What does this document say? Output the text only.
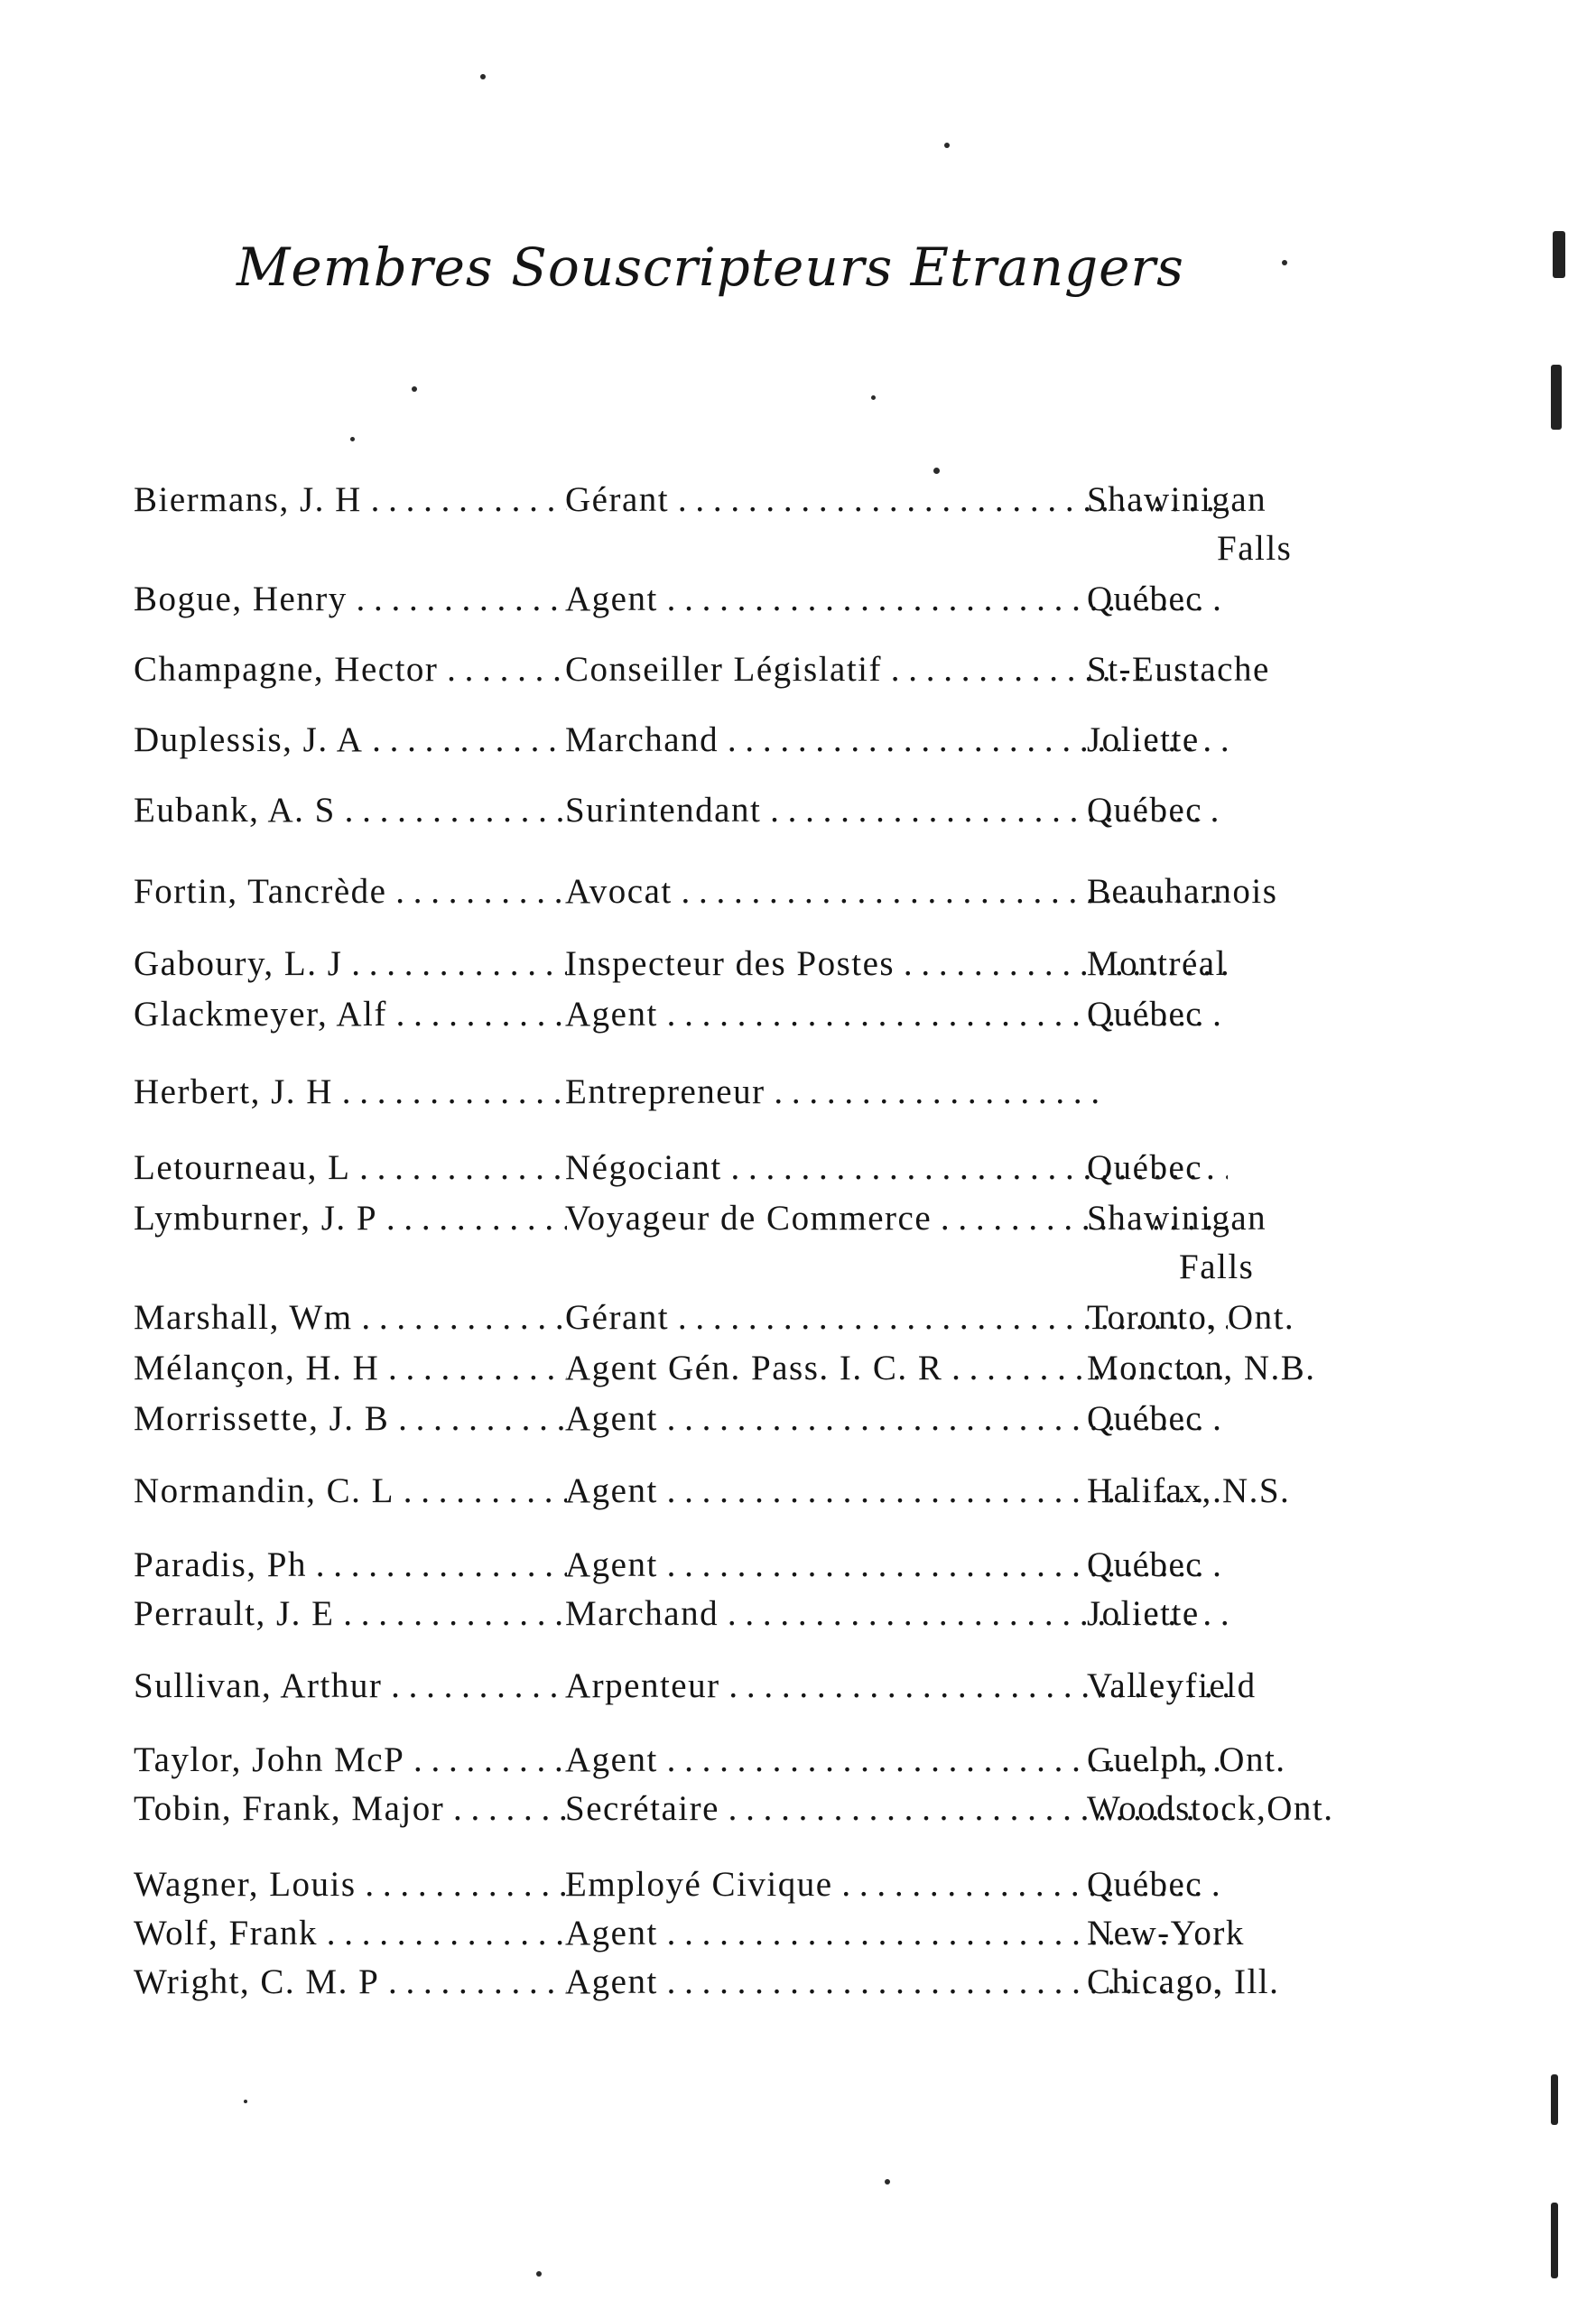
Membres Souscripteurs Etrangers
Biermans, J. H . . .	Gérant . . .	Shawinigan
Falls
Bogue, Henry . . .	Agent . . .	Québec
Champagne, Hector . . .	Conseiller Législatif . . .	St-Eustache
Duplessis, J. A . . .	Marchand . . .	Joliette
Eubank, A. S . . .	Surintendant . . .	Québec
Fortin, Tancrède . . .	Avocat . . .	Beauharnois
Gaboury, L. J . . .	Inspecteur des Postes . . .	Montréal
Glackmeyer, Alf . . .	Agent . . .	Québec
Herbert, J. H . . .	Entrepreneur . . .
Letourneau, L . . .	Négociant . . .	Québec
Lymburner, J. P . . .	Voyageur de Commerce . . .	Shawinigan
Falls
Marshall, Wm . . .	Gérant . . .	Toronto, Ont.
Mélançon, H. H . . .	Agent Gén. Pass. I. C. R . . .	Moncton, N.B.
Morrissette, J. B . . .	Agent . . .	Québec
Normandin, C. L . . .	Agent . . .	Halifax, N.S.
Paradis, Ph . . .	Agent . . .	Québec
Perrault, J. E . . .	Marchand . . .	Joliette
Sullivan, Arthur . . .	Arpenteur . . .	Valleyfield
Taylor, John McP . . .	Agent . . .	Guelph, Ont.
Tobin, Frank, Major . . .	Secrétaire . . .	Woodstock,Ont.
Wagner, Louis . . .	Employé Civique . . .	Québec
Wolf, Frank . . .	Agent . . .	New-York
Wright, C. M. P . . .	Agent . . .	Chicago, Ill.
